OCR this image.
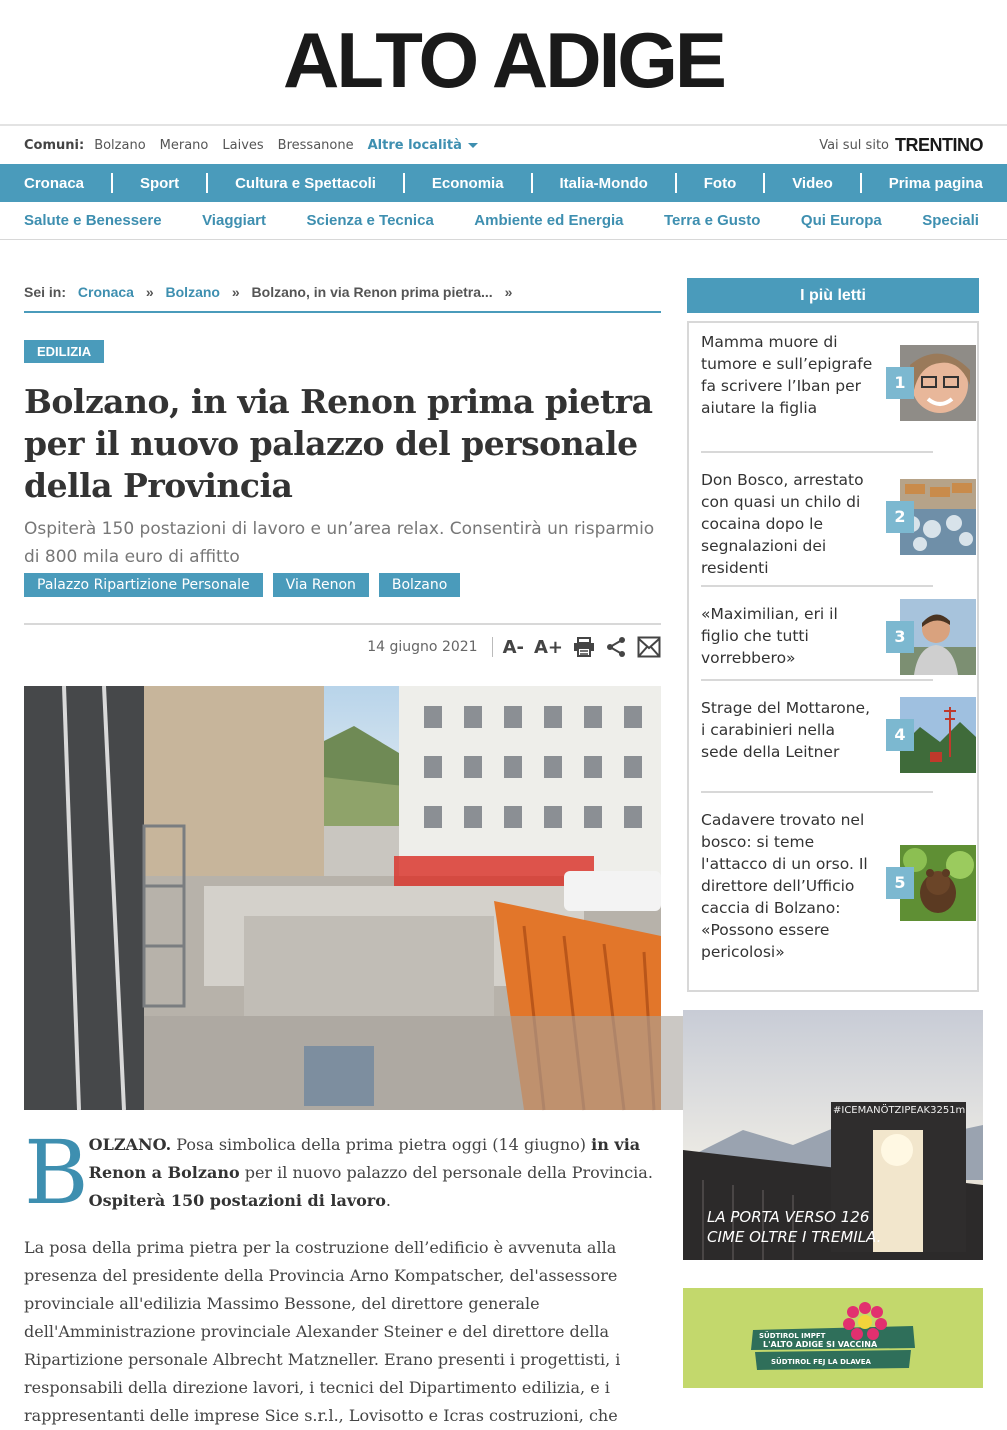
ALTO ADIGE
Comuni: Bolzano Merano Laives Bressanone Altre località	Vai sul sito TRENTINO
Cronaca	Sport	Cultura e Spettacoli	Economia	Italia-Mondo	Foto	Video	Prima pagina
Salute e Benessere	Viaggiart	Scienza e Tecnica	Ambiente ed Energia	Terra e Gusto	Qui Europa	Speciali
Sei in: Cronaca » Bolzano » Bolzano, in via Renon prima pietra... »
EDILIZIA
Bolzano, in via Renon prima pietra per il nuovo palazzo del personale della Provincia

Ospiterà 150 postazioni di lavoro e un’area relax. Consentirà un risparmio di 800 mila euro di affitto

Palazzo Ripartizione Personale	Via Renon	Bolzano
14 giugno 2021 A- A+
B OLZANO. Posa simbolica della prima pietra oggi (14 giugno) in via Renon a Bolzano per il nuovo palazzo del personale della Provincia. Ospiterà 150 postazioni di lavoro.

La posa della prima pietra per la costruzione dell’edificio è avvenuta alla presenza del presidente della Provincia Arno Kompatscher, del'assessore provinciale all'edilizia Massimo Bessone, del direttore generale dell'Amministrazione provinciale Alexander Steiner e del direttore della Ripartizione personale Albrecht Matzneller. Erano presenti i progettisti, i responsabili della direzione lavori, i tecnici del Dipartimento edilizia, e i rappresentanti delle imprese Sice s.r.l., Lovisotto e Icras costruzioni, che

I più letti
Mamma muore di tumore e sull’epigrafe fa scrivere l’Iban per aiutare la figlia
1
Don Bosco, arrestato con quasi un chilo di cocaina dopo le segnalazioni dei residenti
2
«Maximilian, eri il figlio che tutti vorrebbero»
3
Strage del Mottarone, i carabinieri nella sede della Leitner
4
Cadavere trovato nel bosco: si teme l'attacco di un orso. Il direttore dell’Ufficio caccia di Bolzano: «Possono essere pericolosi»
5
#ICEMANÖTZIPEAK3251m
LA PORTA VERSO 126
CIME OLTRE I TREMILA.
SÜDTIROL IMPFT
L'ALTO ADIGE SI VACCINA
SÜDTIROL FEJ LA DLAVEA
